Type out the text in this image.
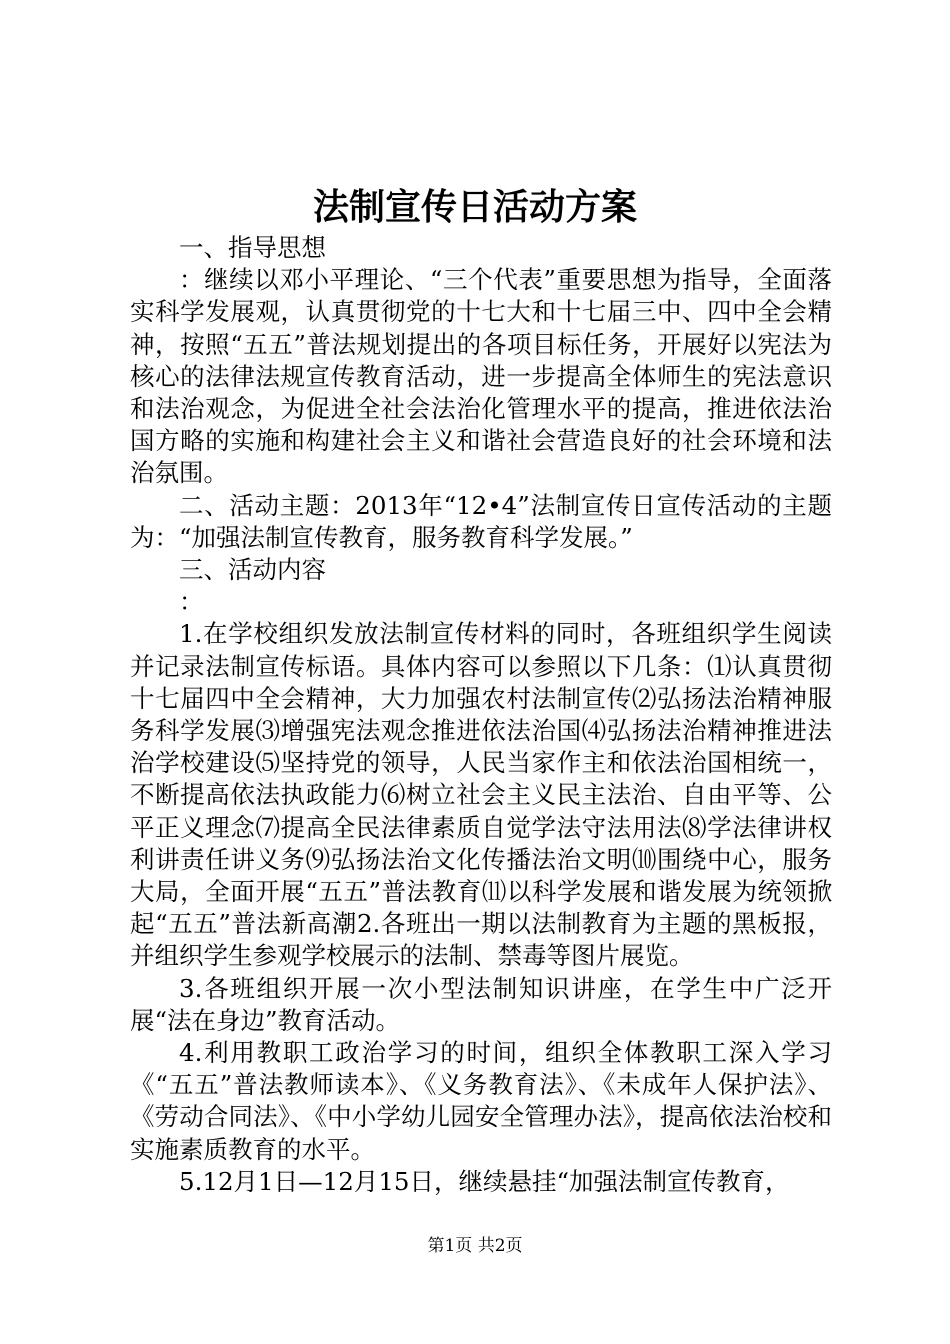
法制宣传日活动方案

一、指导思想

：继续以邓小平理论、“三个代表”重要思想为指导，全面落实科学发展观，认真贯彻党的十七大和十七届三中、四中全会精神，按照“五五”普法规划提出的各项目标任务，开展好以宪法为核心的法律法规宣传教育活动，进一步提高全体师生的宪法意识和法治观念，为促进全社会法治化管理水平的提高，推进依法治国方略的实施和构建社会主义和谐社会营造良好的社会环境和法治氛围。

二、活动主题：2013年“12•4”法制宣传日宣传活动的主题为：“加强法制宣传教育，服务教育科学发展。”

三、活动内容

：

1.在学校组织发放法制宣传材料的同时，各班组织学生阅读并记录法制宣传标语。具体内容可以参照以下几条：⑴认真贯彻十七届四中全会精神，大力加强农村法制宣传⑵弘扬法治精神服务科学发展⑶增强宪法观念推进依法治国⑷弘扬法治精神推进法治学校建设⑸坚持党的领导，人民当家作主和依法治国相统一，不断提高依法执政能力⑹树立社会主义民主法治、自由平等、公平正义理念⑺提高全民法律素质自觉学法守法用法⑻学法律讲权利讲责任讲义务⑼弘扬法治文化传播法治文明⑽围绕中心，服务大局，全面开展“五五”普法教育⑾以科学发展和谐发展为统领掀起“五五”普法新高潮2.各班出一期以法制教育为主题的黑板报，并组织学生参观学校展示的法制、禁毒等图片展览。

3.各班组织开展一次小型法制知识讲座，在学生中广泛开展“法在身边”教育活动。

4.利用教职工政治学习的时间，组织全体教职工深入学习《“五五”普法教师读本》、《义务教育法》、《未成年人保护法》、《劳动合同法》、《中小学幼儿园安全管理办法》，提高依法治校和实施素质教育的水平。

5.12月1日—12月15日，继续悬挂“加强法制宣传教育，

第1页 共2页
